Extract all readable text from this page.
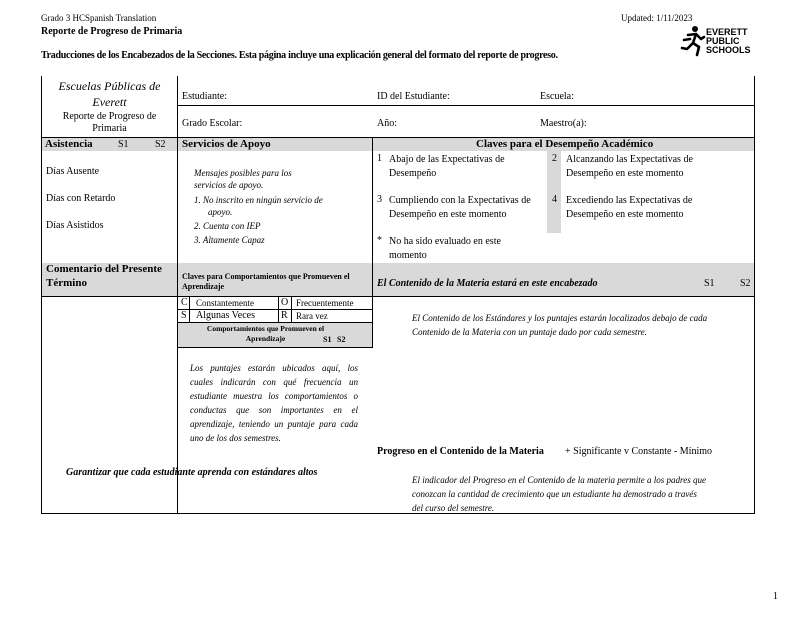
Grado 3 HCSpanish Translation
Reporte de Progreso de Primaria
Updated: 1/11/2023
Traducciones de los Encabezados de la Secciones. Esta página incluye una explicación general del formato del reporte de progreso.
EVERETT
PUBLIC
SCHOOLS
Escuelas Públicas de
Everett
Reporte de Progreso de
Primaria
Estudiante:	ID del Estudiante:	Escuela:
Grado Escolar:	Año:	Maestro(a):
Asistencia	S1	S2
Días Ausente
Días con Retardo
Días Asistidos
Servicios de Apoyo
Mensajes posibles para los servicios de apoyo.
1. No inscrito en ningún servicio de apoyo.
2. Cuenta con IEP
3. Altamente Capaz
Claves para el Desempeño Académico
1 Abajo de las Expectativas de Desempeño
2 Alcanzando las Expectativas de Desempeño en este momento
3 Cumpliendo con la Expectativas de Desempeño en este momento
4 Excediendo las Expectativas de Desempeño en este momento
* No ha sido evaluado en este momento
Comentario del Presente
Término
Garantizar que cada estudiante aprenda con estándares altos
Claves para Comportamientos que Promueven el Aprendizaje
C Constantemente	O Frecuentemente
S Algunas Veces	R Rara vez
Comportamientos que Promueven el Aprendizaje	S1 S2
Los puntajes estarán ubicados aquí, los cuales indicarán con qué frecuencia un estudiante muestra los comportamientos o conductas que son importantes en el aprendizaje, teniendo un puntaje para cada uno de los dos semestres.
El Contenido de la Materia estará en este encabezado	S1	S2
El Contenido de los Estándares y los puntajes estarán localizados debajo de cada Contenido de la Materia con un puntaje dado por cada semestre.
Progreso en el Contenido de la Materia + Significante v Constante - Mínimo
El indicador del Progreso en el Contenido de la materia permite a los padres que conozcan la cantidad de crecimiento que un estudiante ha demostrado a través del curso del semestre.
1
